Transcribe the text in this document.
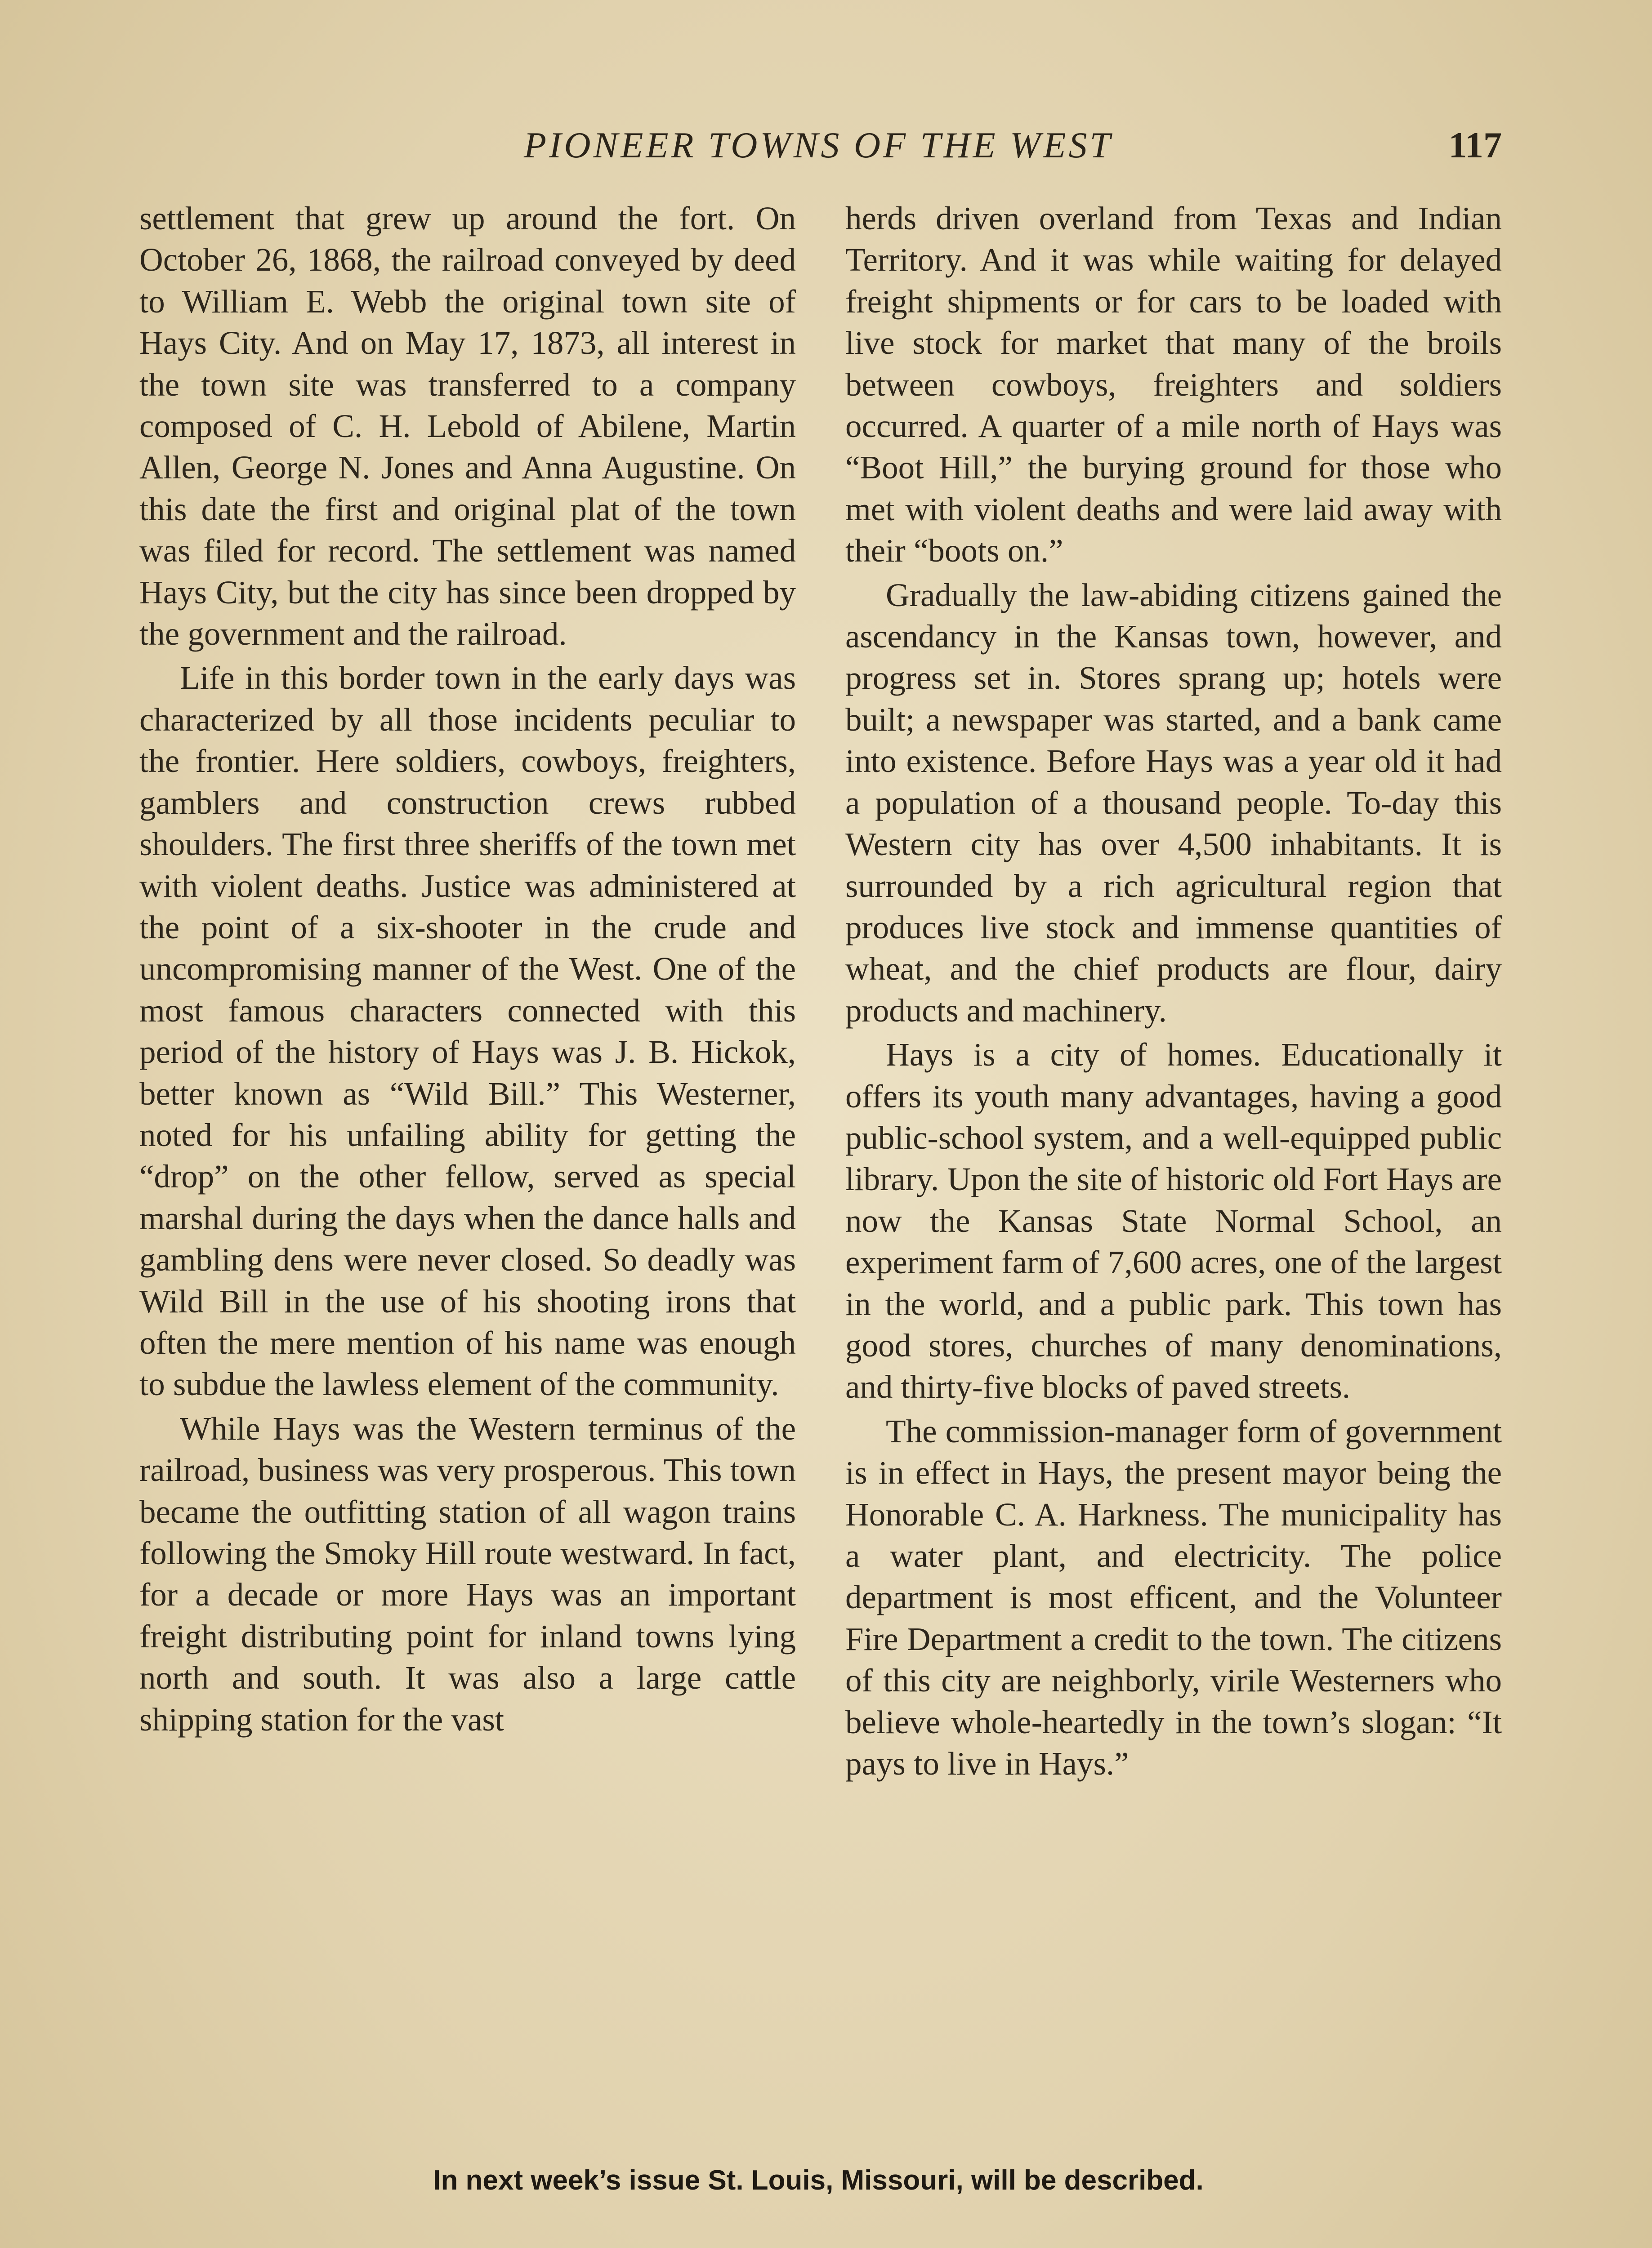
PIONEER TOWNS OF THE WEST	117

settlement that grew up around the fort. On October 26, 1868, the railroad conveyed by deed to William E. Webb the original town site of Hays City. And on May 17, 1873, all interest in the town site was transferred to a company composed of C. H. Lebold of Abilene, Martin Allen, George N. Jones and Anna Augustine. On this date the first and original plat of the town was filed for record. The settlement was named Hays City, but the city has since been dropped by the government and the railroad.

Life in this border town in the early days was characterized by all those incidents peculiar to the frontier. Here soldiers, cowboys, freighters, gamblers and construction crews rubbed shoulders. The first three sheriffs of the town met with violent deaths. Justice was administered at the point of a six-shooter in the crude and uncompromising manner of the West. One of the most famous characters connected with this period of the history of Hays was J. B. Hickok, better known as “Wild Bill.” This Westerner, noted for his unfailing ability for getting the “drop” on the other fellow, served as special marshal during the days when the dance halls and gambling dens were never closed. So deadly was Wild Bill in the use of his shooting irons that often the mere mention of his name was enough to subdue the lawless element of the community.

While Hays was the Western terminus of the railroad, business was very prosperous. This town became the outfitting station of all wagon trains following the Smoky Hill route westward. In fact, for a decade or more Hays was an important freight distributing point for inland towns lying north and south. It was also a large cattle shipping station for the vast

herds driven overland from Texas and Indian Territory. And it was while waiting for delayed freight shipments or for cars to be loaded with live stock for market that many of the broils between cowboys, freighters and soldiers occurred. A quarter of a mile north of Hays was “Boot Hill,” the burying ground for those who met with violent deaths and were laid away with their “boots on.”

Gradually the law-abiding citizens gained the ascendancy in the Kansas town, however, and progress set in. Stores sprang up; hotels were built; a newspaper was started, and a bank came into existence. Before Hays was a year old it had a population of a thousand people. To-day this Western city has over 4,500 inhabitants. It is surrounded by a rich agricultural region that produces live stock and immense quantities of wheat, and the chief products are flour, dairy products and machinery.

Hays is a city of homes. Educationally it offers its youth many advantages, having a good public-school system, and a well-equipped public library. Upon the site of historic old Fort Hays are now the Kansas State Normal School, an experiment farm of 7,600 acres, one of the largest in the world, and a public park. This town has good stores, churches of many denominations, and thirty-five blocks of paved streets.

The commission-manager form of government is in effect in Hays, the present mayor being the Honorable C. A. Harkness. The municipality has a water plant, and electricity. The police department is most efficent, and the Volunteer Fire Department a credit to the town. The citizens of this city are neighborly, virile Westerners who believe whole-heartedly in the town’s slogan: “It pays to live in Hays.”

In next week’s issue St. Louis, Missouri, will be described.
